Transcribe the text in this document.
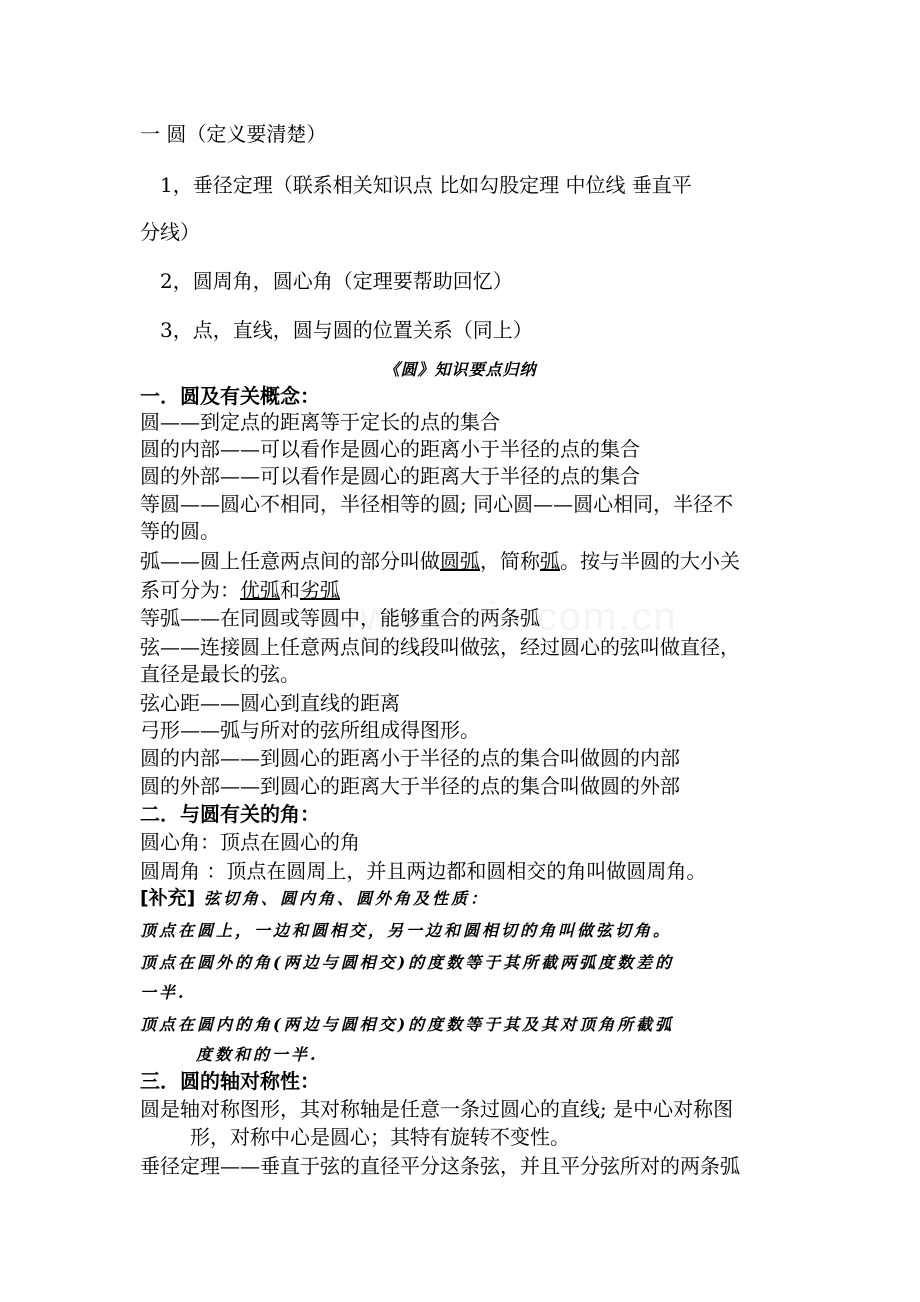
一 圆（定义要清楚）
1，垂径定理（联系相关知识点 比如勾股定理 中位线 垂直平
分线）
2，圆周角，圆心角（定理要帮助回忆）
3，点，直线，圆与圆的位置关系（同上）
《圆》知识要点归纳
一．圆及有关概念：
圆——到定点的距离等于定长的点的集合
圆的内部——可以看作是圆心的距离小于半径的点的集合
圆的外部——可以看作是圆心的距离大于半径的点的集合
等圆——圆心不相同，半径相等的圆; 同心圆——圆心相同，半径不
等的圆。
弧——圆上任意两点间的部分叫做圆弧，简称弧。按与半圆的大小关
系可分为：优弧和劣弧
等弧——在同圆或等圆中，能够重合的两条弧
弦——连接圆上任意两点间的线段叫做弦，经过圆心的弦叫做直径，
直径是最长的弦。
弦心距——圆心到直线的距离
弓形——弧与所对的弦所组成得图形。
圆的内部——到圆心的距离小于半径的点的集合叫做圆的内部
圆的外部——到圆心的距离大于半径的点的集合叫做圆的外部
二．与圆有关的角：
圆心角：顶点在圆心的角
圆周角 ：顶点在圆周上，并且两边都和圆相交的角叫做圆周角。
[补充] 弦切角、圆内角、圆外角及性质：
顶点在圆上，一边和圆相交，另一边和圆相切的角叫做弦切角。
顶点在圆外的角(两边与圆相交)的度数等于其所截两弧度数差的
一半.
顶点在圆内的角(两边与圆相交)的度数等于其及其对顶角所截弧
度数和的一半.
三．圆的轴对称性：
圆是轴对称图形，其对称轴是任意一条过圆心的直线; 是中心对称图
形，对称中心是圆心；其特有旋转不变性。
垂径定理——垂直于弦的直径平分这条弦，并且平分弦所对的两条弧
